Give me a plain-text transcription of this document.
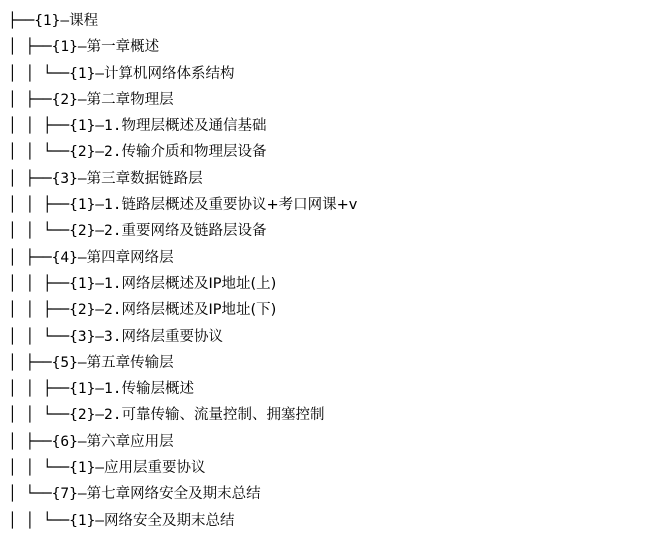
├──{1}–课程
│ ├──{1}–第一章概述
│ │ └──{1}–计算机网络体系结构
│ ├──{2}–第二章物理层
│ │ ├──{1}–1.物理层概述及通信基础
│ │ └──{2}–2.传输介质和物理层设备
│ ├──{3}–第三章数据链路层
│ │ ├──{1}–1.链路层概述及重要协议+考口网课+v
│ │ └──{2}–2.重要网络及链路层设备
│ ├──{4}–第四章网络层
│ │ ├──{1}–1.网络层概述及IP地址(上)
│ │ ├──{2}–2.网络层概述及IP地址(下)
│ │ └──{3}–3.网络层重要协议
│ ├──{5}–第五章传输层
│ │ ├──{1}–1.传输层概述
│ │ └──{2}–2.可靠传输、流量控制、拥塞控制
│ ├──{6}–第六章应用层
│ │ └──{1}–应用层重要协议
│ └──{7}–第七章网络安全及期末总结
│ │ └──{1}–网络安全及期末总结
